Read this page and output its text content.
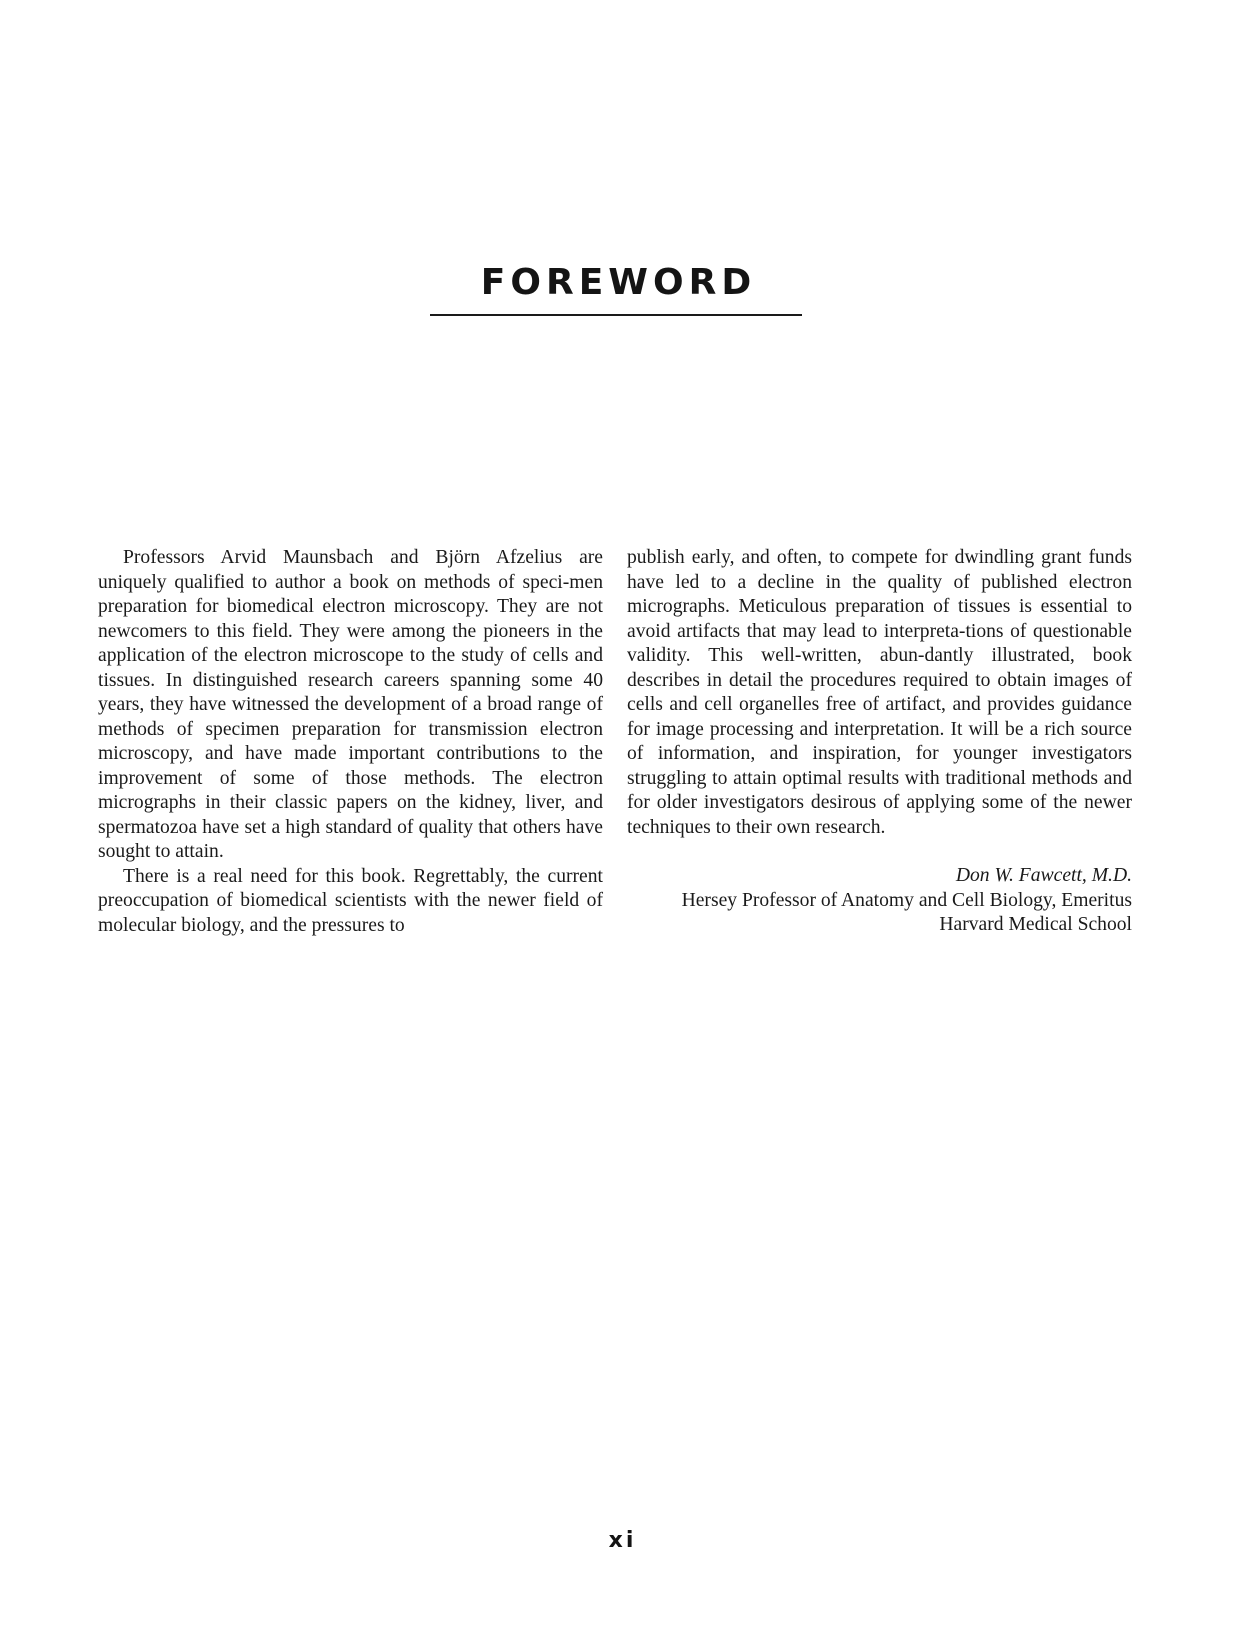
FOREWORD

Professors Arvid Maunsbach and Björn Afzelius are uniquely qualified to author a book on methods of speci-men preparation for biomedical electron microscopy. They are not newcomers to this field. They were among the pioneers in the application of the electron microscope to the study of cells and tissues. In distinguished research careers spanning some 40 years, they have witnessed the development of a broad range of methods of specimen preparation for transmission electron microscopy, and have made important contributions to the improvement of some of those methods. The electron micrographs in their classic papers on the kidney, liver, and spermatozoa have set a high standard of quality that others have sought to attain.

There is a real need for this book. Regrettably, the current preoccupation of biomedical scientists with the newer field of molecular biology, and the pressures to

publish early, and often, to compete for dwindling grant funds have led to a decline in the quality of published electron micrographs. Meticulous preparation of tissues is essential to avoid artifacts that may lead to interpreta-tions of questionable validity. This well-written, abun-dantly illustrated, book describes in detail the procedures required to obtain images of cells and cell organelles free of artifact, and provides guidance for image processing and interpretation. It will be a rich source of information, and inspiration, for younger investigators struggling to attain optimal results with traditional methods and for older investigators desirous of applying some of the newer techniques to their own research.

Don W. Fawcett, M.D.
Hersey Professor of Anatomy and Cell Biology, Emeritus
Harvard Medical School
xi
